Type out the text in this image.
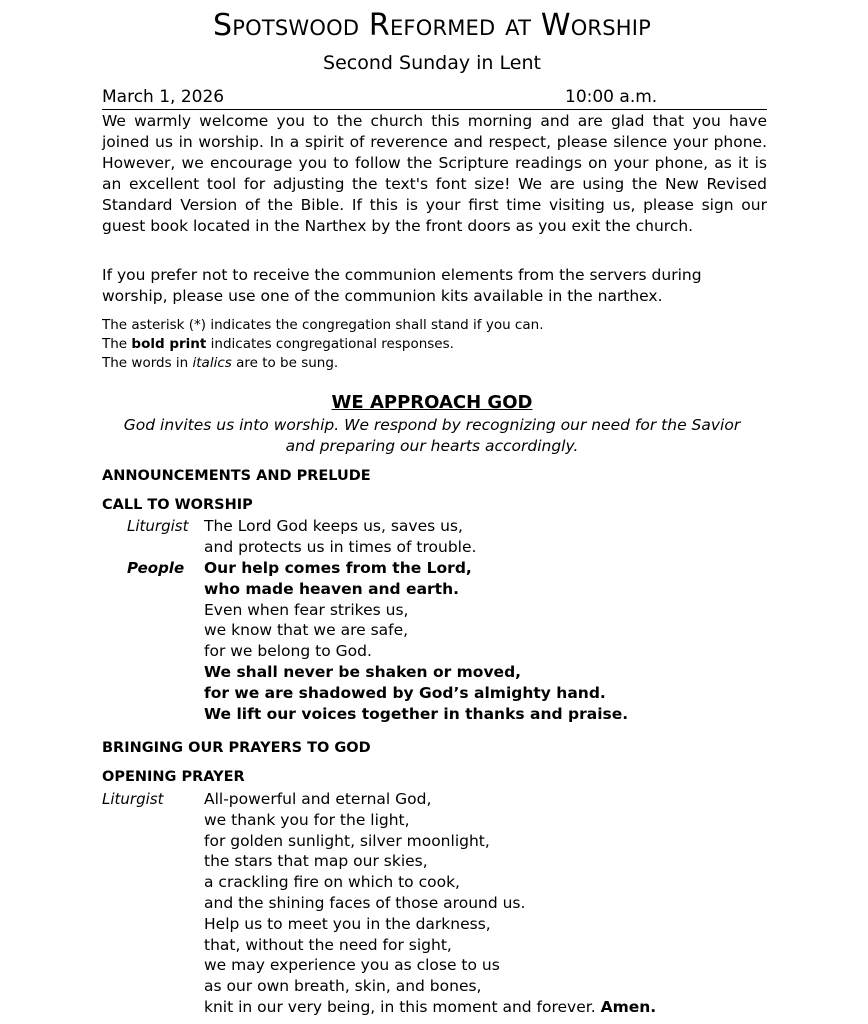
Spotswood Reformed at Worship
Second Sunday in Lent
March 1, 2026	10:00 a.m.
We warmly welcome you to the church this morning and are glad that you have joined us in worship. In a spirit of reverence and respect, please silence your phone. However, we encourage you to follow the Scripture readings on your phone, as it is an excellent tool for adjusting the text's font size! We are using the New Revised Standard Version of the Bible. If this is your first time visiting us, please sign our guest book located in the Narthex by the front doors as you exit the church.
If you prefer not to receive the communion elements from the servers during worship, please use one of the communion kits available in the narthex.
The asterisk (*) indicates the congregation shall stand if you can.
The bold print indicates congregational responses.
The words in italics are to be sung.
WE APPROACH GOD
God invites us into worship. We respond by recognizing our need for the Savior
and preparing our hearts accordingly.
ANNOUNCEMENTS AND PRELUDE
CALL TO WORSHIP
Liturgist The Lord God keeps us, saves us,
and protects us in times of trouble.
People Our help comes from the Lord,
who made heaven and earth.
Even when fear strikes us,
we know that we are safe,
for we belong to God.
We shall never be shaken or moved,
for we are shadowed by God’s almighty hand.
We lift our voices together in thanks and praise.
BRINGING OUR PRAYERS TO GOD
OPENING PRAYER
Liturgist	All-powerful and eternal God,
we thank you for the light,
for golden sunlight, silver moonlight,
the stars that map our skies,
a crackling fire on which to cook,
and the shining faces of those around us.
Help us to meet you in the darkness,
that, without the need for sight,
we may experience you as close to us
as our own breath, skin, and bones,
knit in our very being, in this moment and forever. Amen.
